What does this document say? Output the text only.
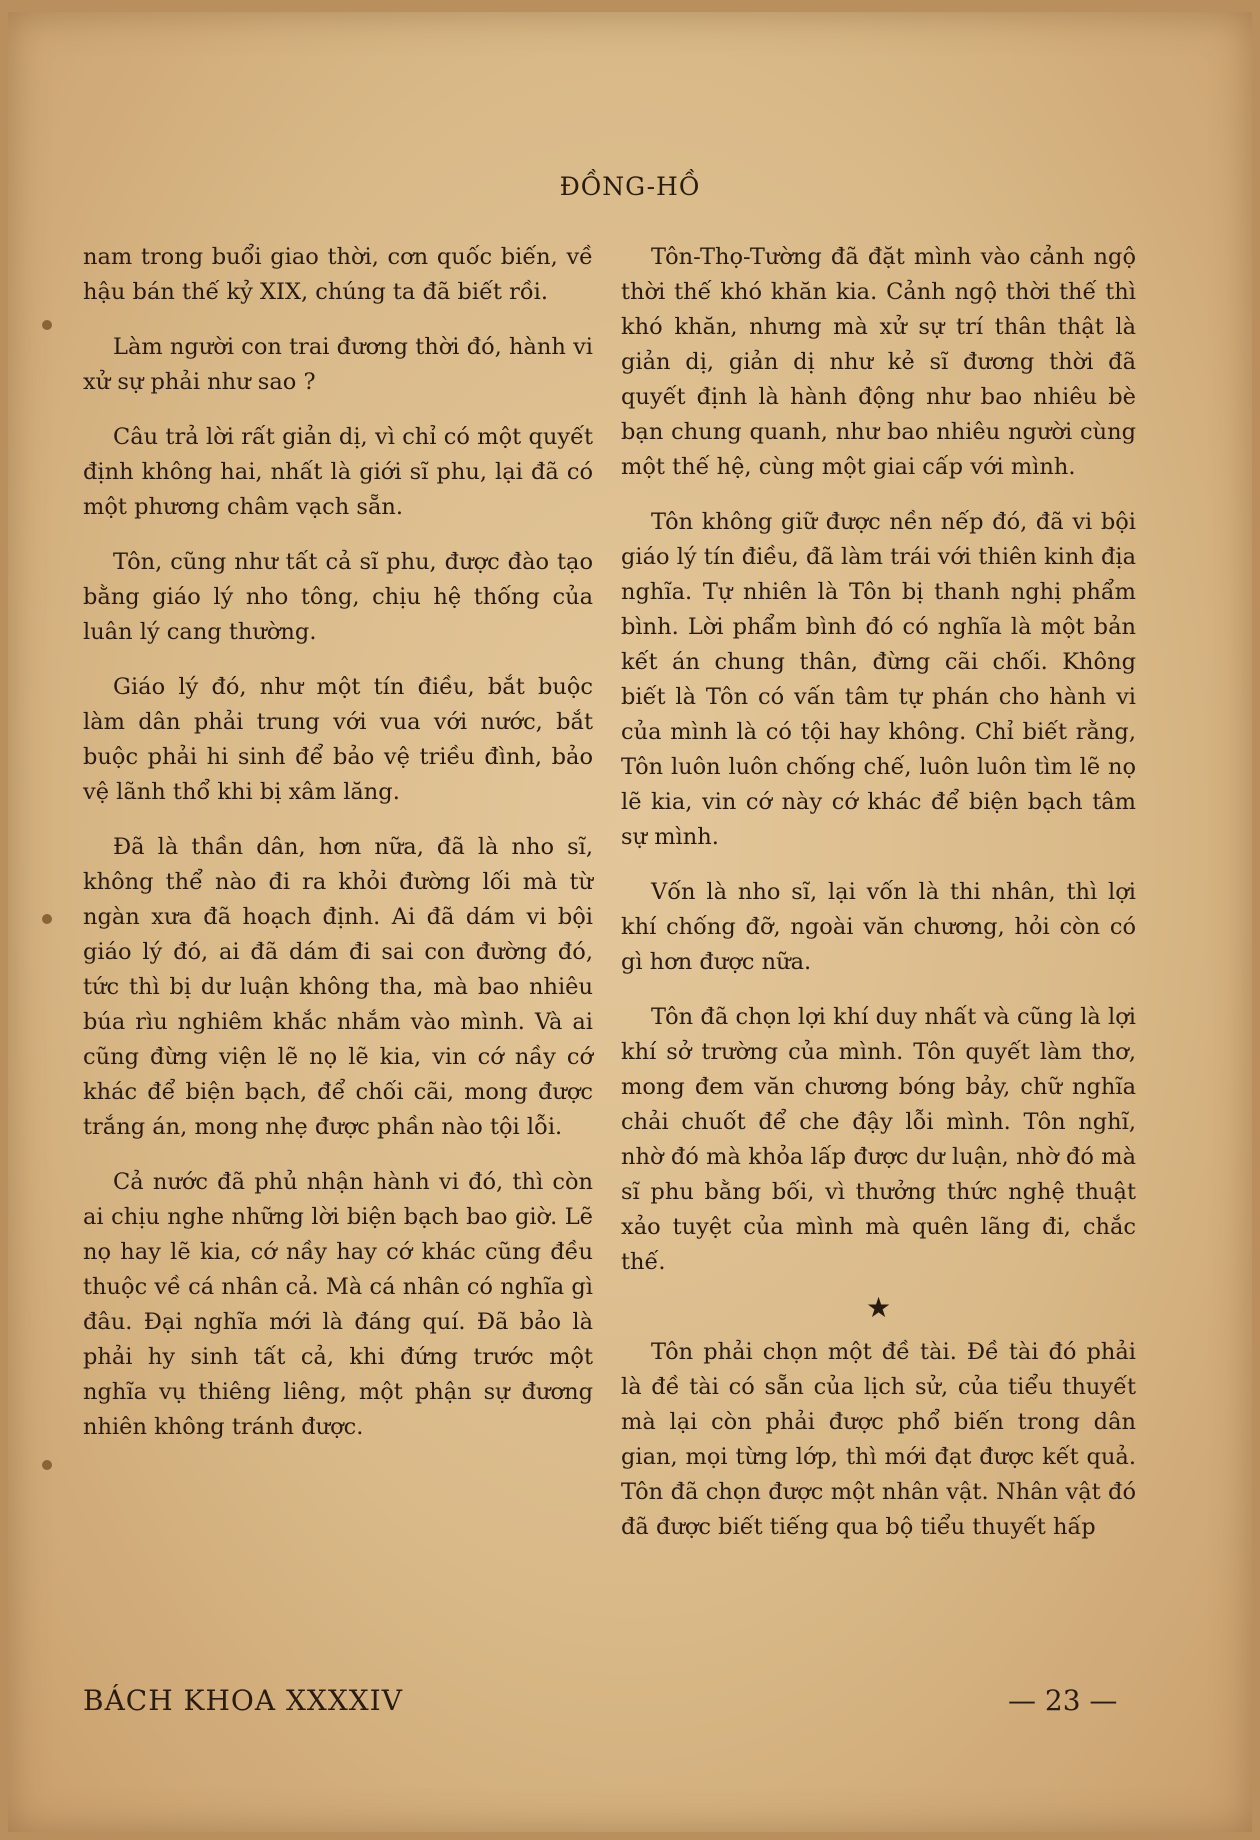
ĐỒNG-HỒ

nam trong buổi giao thời, cơn quốc biến, về hậu bán thế kỷ XIX, chúng ta đã biết rồi.

Làm người con trai đương thời đó, hành vi xử sự phải như sao ?

Câu trả lời rất giản dị, vì chỉ có một quyết định không hai, nhất là giới sĩ phu, lại đã có một phương châm vạch sẵn.

Tôn, cũng như tất cả sĩ phu, được đào tạo bằng giáo lý nho tông, chịu hệ thống của luân lý cang thường.

Giáo lý đó, như một tín điều, bắt buộc làm dân phải trung với vua với nước, bắt buộc phải hi sinh để bảo vệ triều đình, bảo vệ lãnh thổ khi bị xâm lăng.

Đã là thần dân, hơn nữa, đã là nho sĩ, không thể nào đi ra khỏi đường lối mà từ ngàn xưa đã hoạch định. Ai đã dám vi bội giáo lý đó, ai đã dám đi sai con đường đó, tức thì bị dư luận không tha, mà bao nhiêu búa rìu nghiêm khắc nhắm vào mình. Và ai cũng đừng viện lẽ nọ lẽ kia, vin cớ nầy cớ khác để biện bạch, để chối cãi, mong được trắng án, mong nhẹ được phần nào tội lỗi.

Cả nước đã phủ nhận hành vi đó, thì còn ai chịu nghe những lời biện bạch bao giờ. Lẽ nọ hay lẽ kia, cớ nầy hay cớ khác cũng đều thuộc về cá nhân cả. Mà cá nhân có nghĩa gì đâu. Đại nghĩa mới là đáng quí. Đã bảo là phải hy sinh tất cả, khi đứng trước một nghĩa vụ thiêng liêng, một phận sự đương nhiên không tránh được.

Tôn-Thọ-Tường đã đặt mình vào cảnh ngộ thời thế khó khăn kia. Cảnh ngộ thời thế thì khó khăn, nhưng mà xử sự trí thân thật là giản dị, giản dị như kẻ sĩ đương thời đã quyết định là hành động như bao nhiêu bè bạn chung quanh, như bao nhiêu người cùng một thế hệ, cùng một giai cấp với mình.

Tôn không giữ được nền nếp đó, đã vi bội giáo lý tín điều, đã làm trái với thiên kinh địa nghĩa. Tự nhiên là Tôn bị thanh nghị phẩm bình. Lời phẩm bình đó có nghĩa là một bản kết án chung thân, đừng cãi chối. Không biết là Tôn có vấn tâm tự phán cho hành vi của mình là có tội hay không. Chỉ biết rằng, Tôn luôn luôn chống chế, luôn luôn tìm lẽ nọ lẽ kia, vin cớ này cớ khác để biện bạch tâm sự mình.

Vốn là nho sĩ, lại vốn là thi nhân, thì lợi khí chống đỡ, ngoài văn chương, hỏi còn có gì hơn được nữa.

Tôn đã chọn lợi khí duy nhất và cũng là lợi khí sở trường của mình. Tôn quyết làm thơ, mong đem văn chương bóng bảy, chữ nghĩa chải chuốt để che đậy lỗi mình. Tôn nghĩ, nhờ đó mà khỏa lấp được dư luận, nhờ đó mà sĩ phu bằng bối, vì thưởng thức nghệ thuật xảo tuyệt của mình mà quên lãng đi, chắc thế.

★

Tôn phải chọn một đề tài. Đề tài đó phải là đề tài có sẵn của lịch sử, của tiểu thuyết mà lại còn phải được phổ biến trong dân gian, mọi từng lớp, thì mới đạt được kết quả. Tôn đã chọn được một nhân vật. Nhân vật đó đã được biết tiếng qua bộ tiểu thuyết hấp

BÁCH KHOA XXXXIV	— 23 —
